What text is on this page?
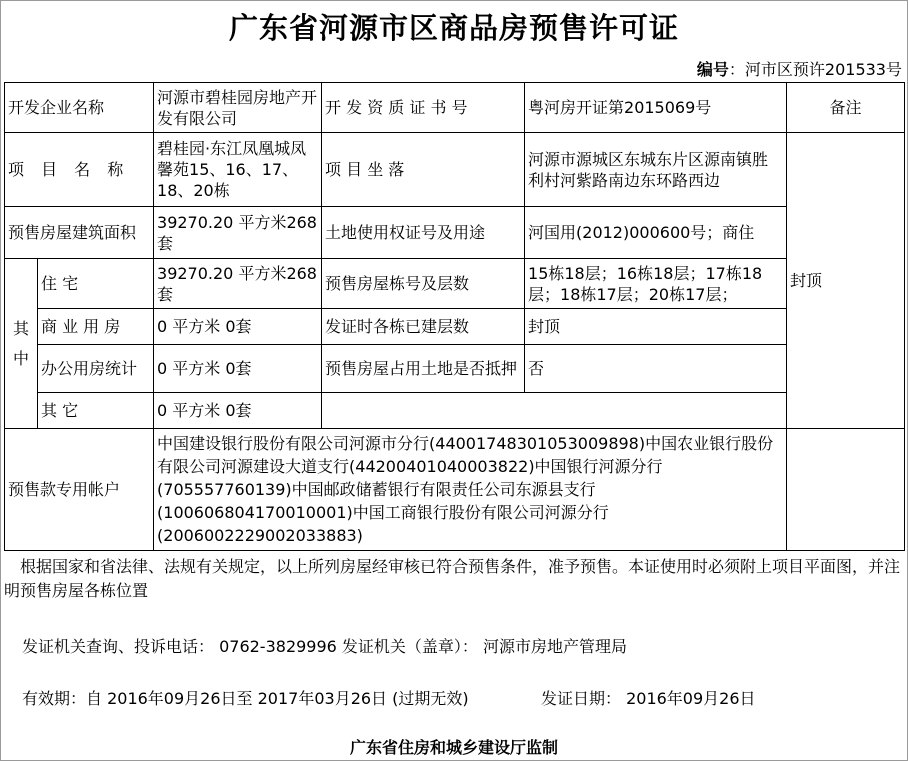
广东省河源市区商品房预售许可证
编号：河市区预许201533号
开发企业名称		河源市碧桂园房地产开发有限公司	开 发 资 质 证 书 号	粤河房开证第2015069号	备注
项 目 名 称		碧桂园·东江凤凰城凤馨苑15、16、17、18、20栋	项 目 坐 落	河源市源城区东城东片区源南镇胜利村河紫路南边东环路西边	封顶
预售房屋建筑面积		39270.20 平方米268套	土地使用权证号及用途	河国用(2012)000600号；商住	
其中	住 宅	39270.20 平方米268套	预售房屋栋号及层数	15栋18层；16栋18层；17栋18层；18栋17层；20栋17层；	
	商 业 用 房	0 平方米 0套	发证时各栋已建层数	封顶	
	办公用房统计	0 平方米 0套	预售房屋占用土地是否抵押	否	
	其 它	0 平方米 0套			
预售款专用帐户		中国建设银行股份有限公司河源市分行(44001748301053009898)中国农业银行股份有限公司河源建设大道支行(44200401040003822)中国银行河源分行(705557760139)中国邮政储蓄银行有限责任公司东源县支行(100606804170010001)中国工商银行股份有限公司河源分行(2006002229002033883)			
根据国家和省法律、法规有关规定，以上所列房屋经审核已符合预售条件，准予预售。本证使用时必须附上项目平面图，并注明预售房屋各栋位置
发证机关查询、投诉电话： 0762-3829996 发证机关（盖章）： 河源市房地产管理局
有效期：自 2016年09月26日至 2017年03月26日 (过期无效)	发证日期： 2016年09月26日
广东省住房和城乡建设厅监制
